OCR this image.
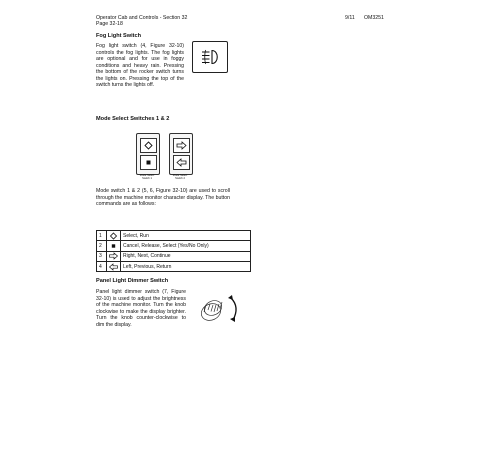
Operator Cab and Controls - Section 32
Page 32-18
9/11 OM3251
Fog Light Switch
Fog light switch (4, Figure 32-10) controls the fog lights. The fog lights are optional and for use in foggy conditions and heavy rain. Pressing the bottom of the rocker switch turns the lights on. Pressing the top of the switch turns the lights off.
Mode Select Switches 1 & 2
Mode Select
Switch 1
Mode Select
Switch 2
Mode switch 1 & 2 (5, 6, Figure 32-10) are used to scroll through the machine monitor character display. The button commands are as follows:
1		Select, Run
2		Cancel, Release, Select (Yes/No Only)
3		Right, Next, Continue
4		Left, Previous, Return
Panel Light Dimmer Switch
Panel light dimmer switch (7, Figure 32-10) is used to adjust the brightness of the machine monitor. Turn the knob clockwise to make the display brighter. Turn the knob counter-clockwise to dim the display.
